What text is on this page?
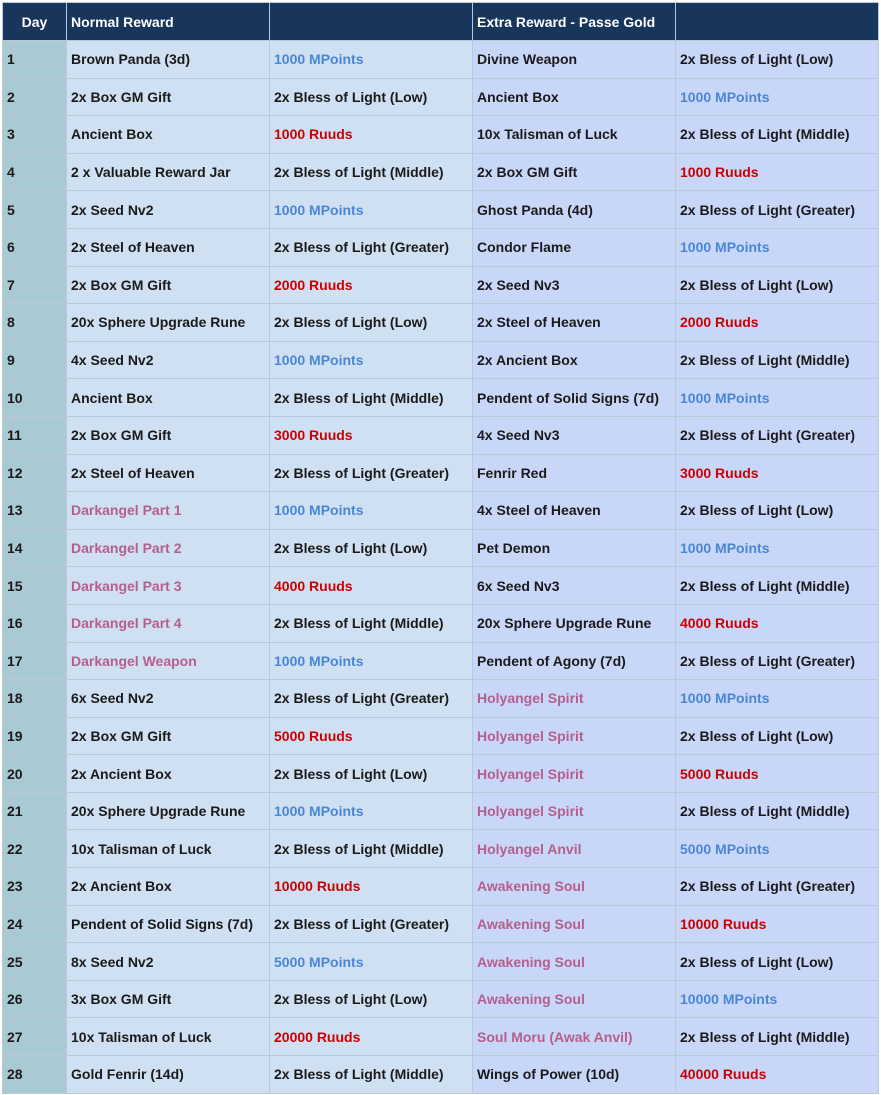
Day	Normal Reward		Extra Reward - Passe Gold	
1	Brown Panda (3d)	1000 MPoints	Divine Weapon	2x Bless of Light (Low)
2	2x Box GM Gift	2x Bless of Light (Low)	Ancient Box	1000 MPoints
3	Ancient Box	1000 Ruuds	10x Talisman of Luck	2x Bless of Light (Middle)
4	2 x Valuable Reward Jar	2x Bless of Light (Middle)	2x Box GM Gift	1000 Ruuds
5	2x Seed Nv2	1000 MPoints	Ghost Panda (4d)	2x Bless of Light (Greater)
6	2x Steel of Heaven	2x Bless of Light (Greater)	Condor Flame	1000 MPoints
7	2x Box GM Gift	2000 Ruuds	2x Seed Nv3	2x Bless of Light (Low)
8	20x Sphere Upgrade Rune	2x Bless of Light (Low)	2x Steel of Heaven	2000 Ruuds
9	4x Seed Nv2	1000 MPoints	2x Ancient Box	2x Bless of Light (Middle)
10	Ancient Box	2x Bless of Light (Middle)	Pendent of Solid Signs (7d)	1000 MPoints
11	2x Box GM Gift	3000 Ruuds	4x Seed Nv3	2x Bless of Light (Greater)
12	2x Steel of Heaven	2x Bless of Light (Greater)	Fenrir Red	3000 Ruuds
13	Darkangel Part 1	1000 MPoints	4x Steel of Heaven	2x Bless of Light (Low)
14	Darkangel Part 2	2x Bless of Light (Low)	Pet Demon	1000 MPoints
15	Darkangel Part 3	4000 Ruuds	6x Seed Nv3	2x Bless of Light (Middle)
16	Darkangel Part 4	2x Bless of Light (Middle)	20x Sphere Upgrade Rune	4000 Ruuds
17	Darkangel Weapon	1000 MPoints	Pendent of Agony (7d)	2x Bless of Light (Greater)
18	6x Seed Nv2	2x Bless of Light (Greater)	Holyangel Spirit	1000 MPoints
19	2x Box GM Gift	5000 Ruuds	Holyangel Spirit	2x Bless of Light (Low)
20	2x Ancient Box	2x Bless of Light (Low)	Holyangel Spirit	5000 Ruuds
21	20x Sphere Upgrade Rune	1000 MPoints	Holyangel Spirit	2x Bless of Light (Middle)
22	10x Talisman of Luck	2x Bless of Light (Middle)	Holyangel Anvil	5000 MPoints
23	2x Ancient Box	10000 Ruuds	Awakening Soul	2x Bless of Light (Greater)
24	Pendent of Solid Signs (7d)	2x Bless of Light (Greater)	Awakening Soul	10000 Ruuds
25	8x Seed Nv2	5000 MPoints	Awakening Soul	2x Bless of Light (Low)
26	3x Box GM Gift	2x Bless of Light (Low)	Awakening Soul	10000 MPoints
27	10x Talisman of Luck	20000 Ruuds	Soul Moru (Awak Anvil)	2x Bless of Light (Middle)
28	Gold Fenrir (14d)	2x Bless of Light (Middle)	Wings of Power (10d)	40000 Ruuds
